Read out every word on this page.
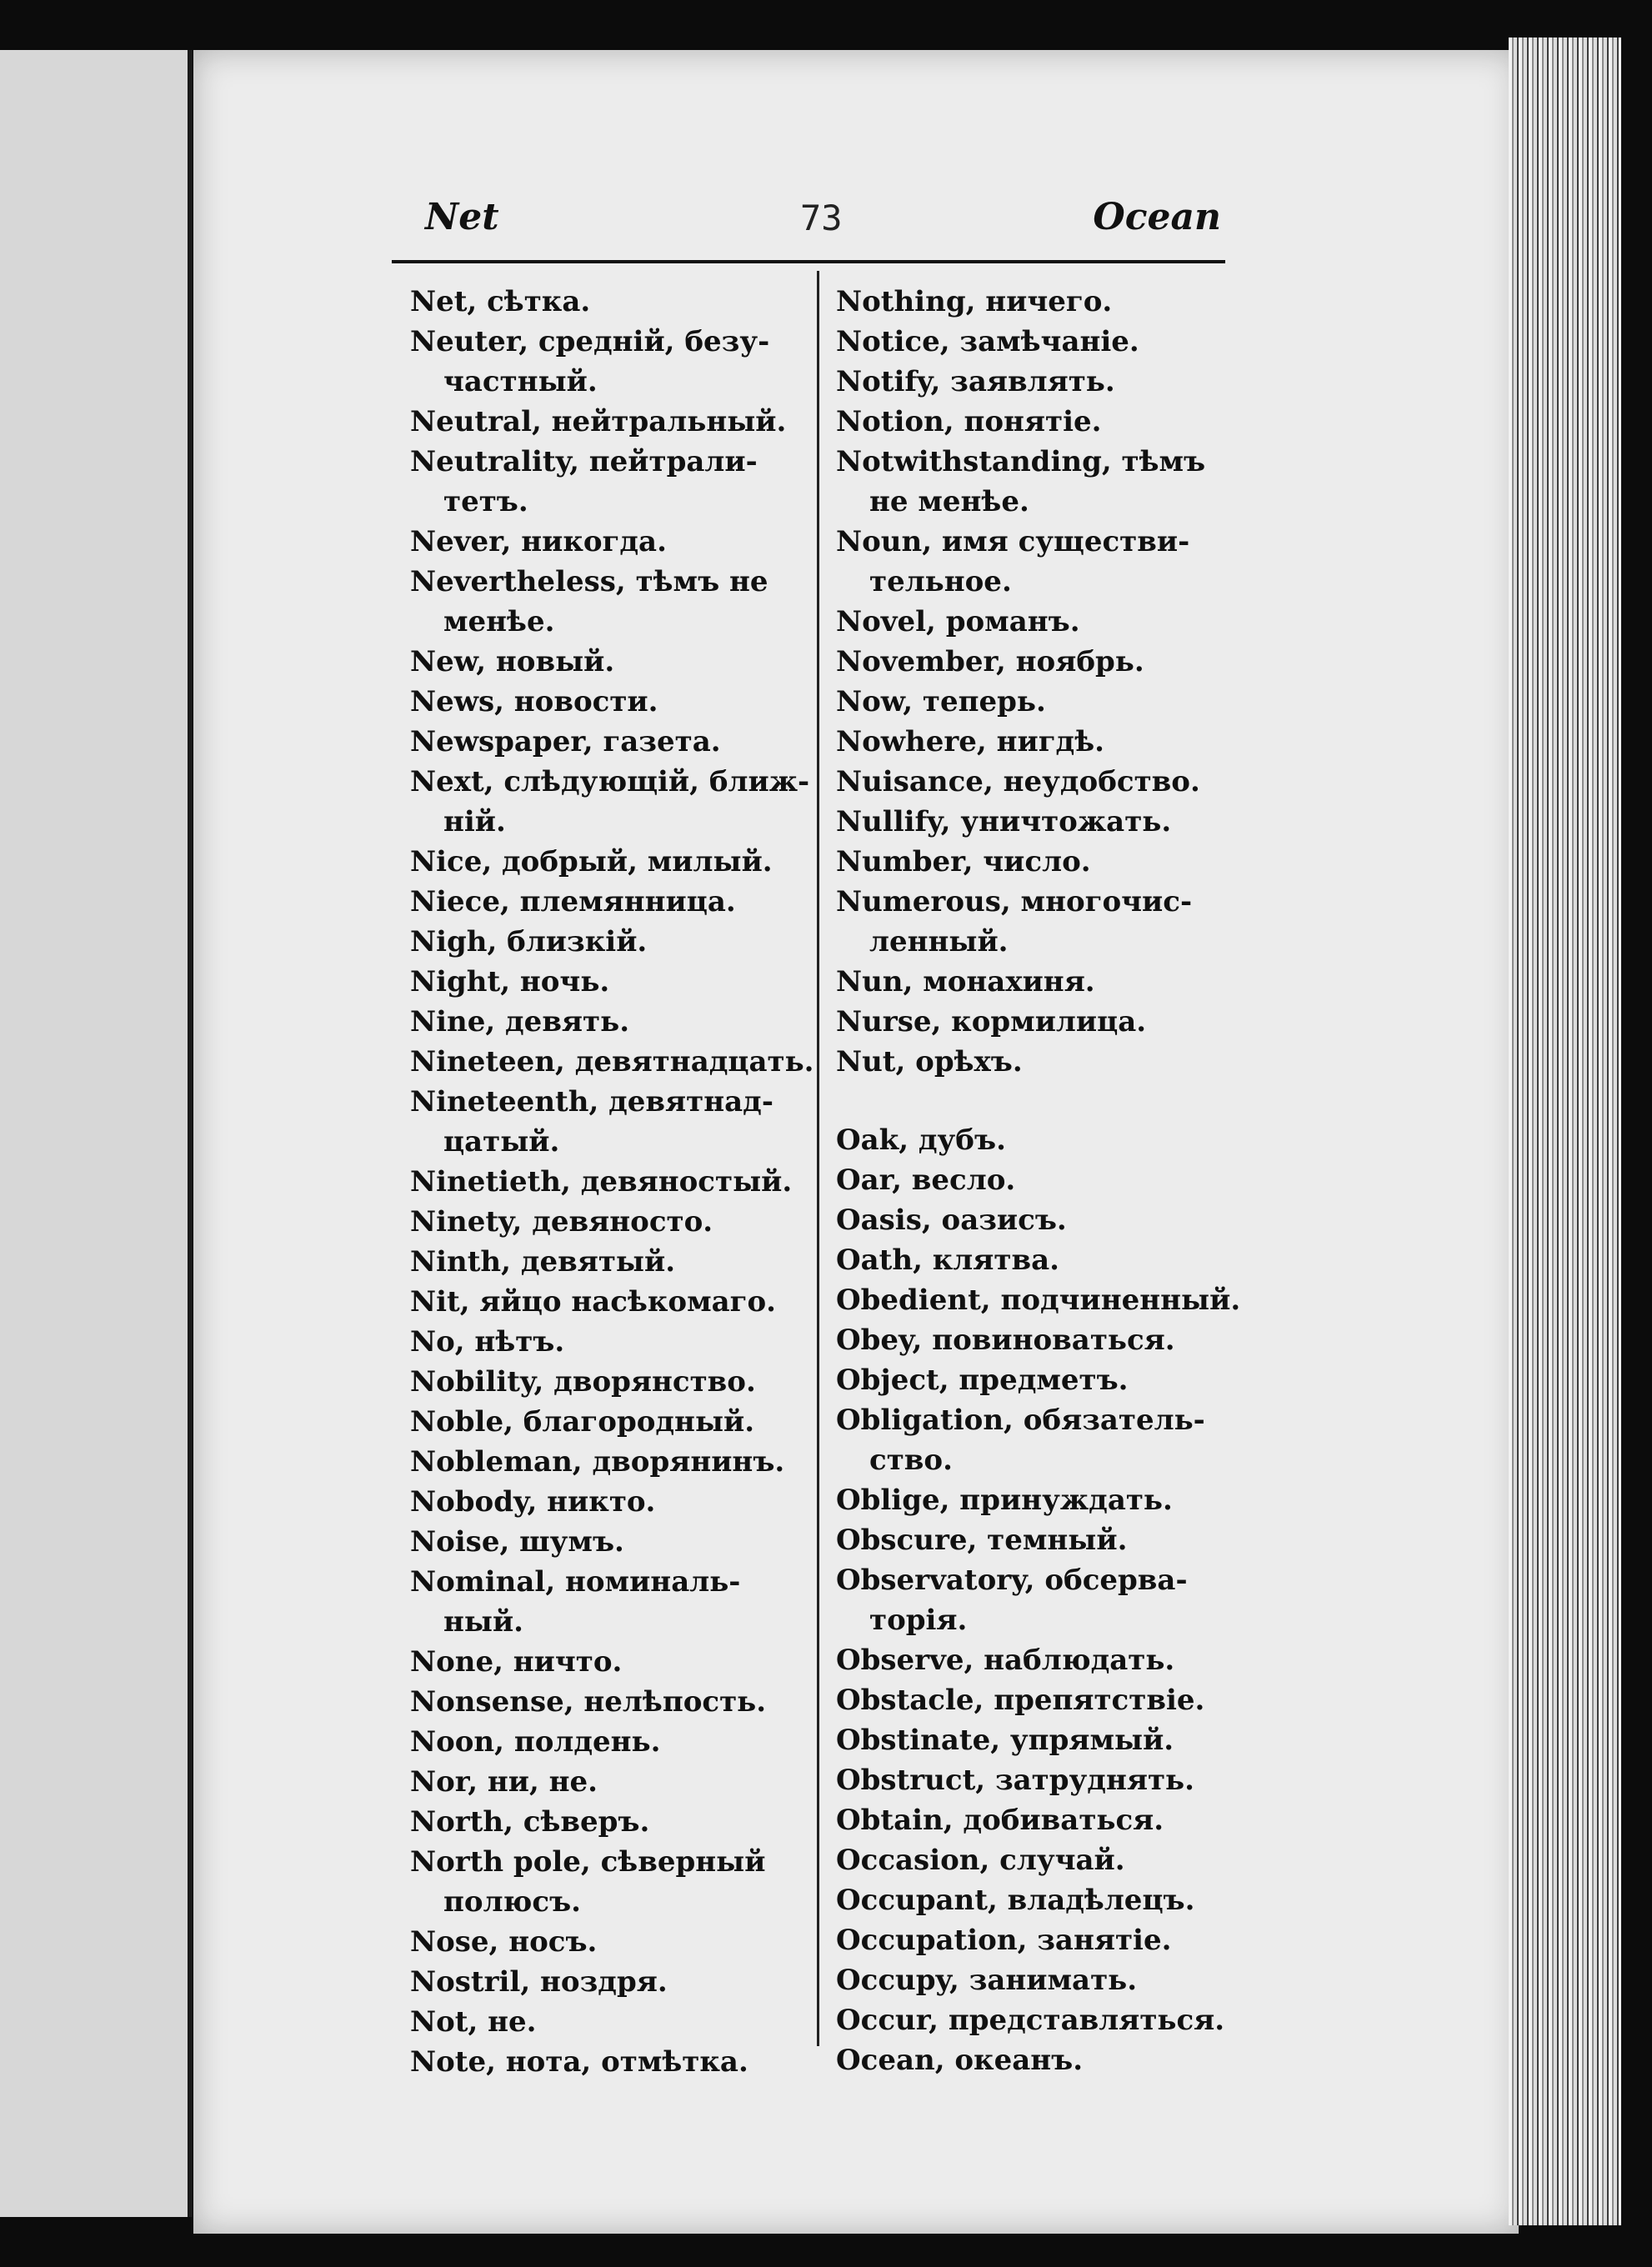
Net	73	Ocean
Net, сѣтка.
Neuter, средній, безу-
частный.
Neutral, нейтральный.
Neutrality, пейтрали-
тетъ.
Never, никогда.
Nevertheless, тѣмъ не
менѣе.
New, новый.
News, новости.
Newspaper, газета.
Next, слѣдующій, ближ-
ній.
Nice, добрый, милый.
Niece, племянница.
Nigh, близкій.
Night, ночь.
Nine, девять.
Nineteen, девятнадцать.
Nineteenth, девятнад-
цатый.
Ninetieth, девяностый.
Ninety, девяносто.
Ninth, девятый.
Nit, яйцо насѣкомаго.
No, нѣтъ.
Nobility, дворянство.
Noble, благородный.
Nobleman, дворянинъ.
Nobody, никто.
Noise, шумъ.
Nominal, номиналь-
ный.
None, ничто.
Nonsense, нелѣпость.
Noon, полдень.
Nor, ни, не.
North, сѣверъ.
North pole, сѣверный
полюсъ.
Nose, носъ.
Nostril, ноздря.
Not, не.
Note, нота, отмѣтка.
Nothing, ничего.
Notice, замѣчаніе.
Notify, заявлять.
Notion, понятіе.
Notwithstanding, тѣмъ
не менѣе.
Noun, имя существи-
тельное.
Novel, романъ.
November, ноябрь.
Now, теперь.
Nowhere, нигдѣ.
Nuisance, неудобство.
Nullify, уничтожать.
Number, число.
Numerous, многочис-
ленный.
Nun, монахиня.
Nurse, кормилица.
Nut, орѣхъ.
Oak, дубъ.
Oar, весло.
Oasis, оазисъ.
Oath, клятва.
Obedient, подчиненный.
Obey, повиноваться.
Object, предметъ.
Obligation, обязатель-
ство.
Oblige, принуждать.
Obscure, темный.
Observatory, обсерва-
торія.
Observe, наблюдать.
Obstacle, препятствіе.
Obstinate, упрямый.
Obstruct, затруднять.
Obtain, добиваться.
Occasion, случай.
Occupant, владѣлецъ.
Occupation, занятіе.
Occupy, занимать.
Occur, представляться.
Ocean, океанъ.
